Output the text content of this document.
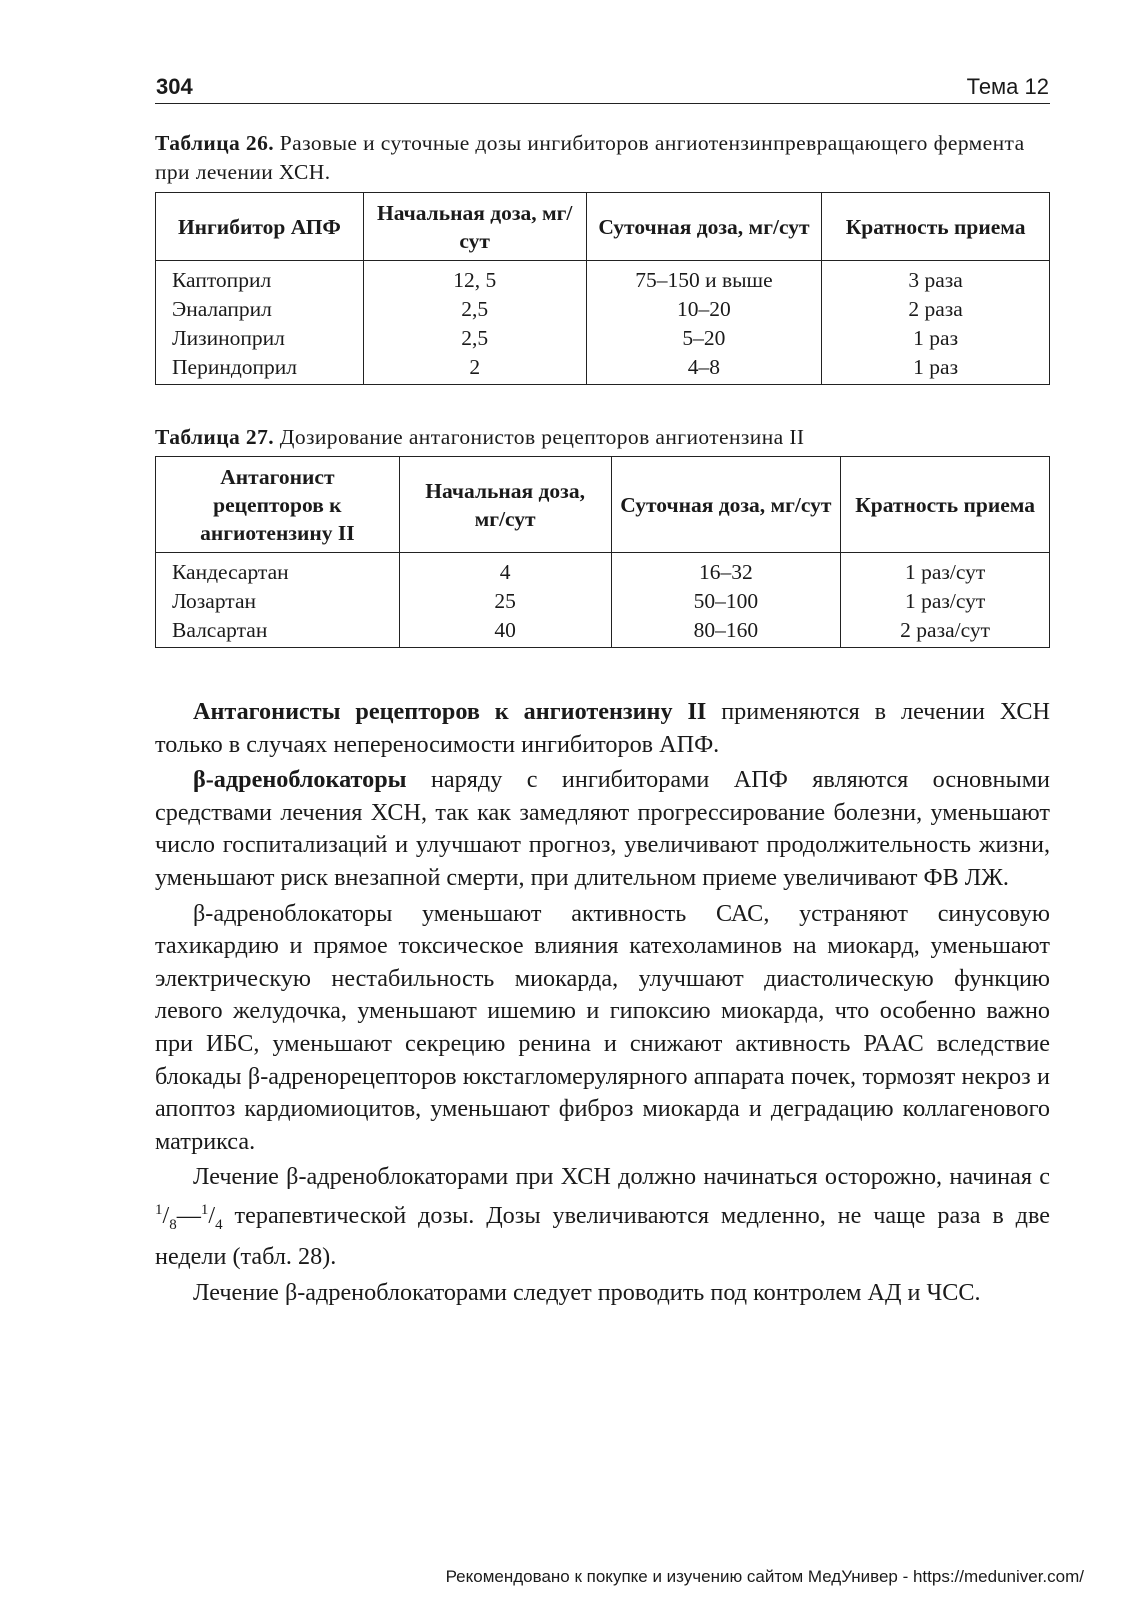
304	Тема 12
Таблица 26. Разовые и суточные дозы ингибиторов ангиотензинпревращающего фермента при лечении ХСН.
Ингибитор АПФ	Начальная доза, мг/сут	Суточная доза, мг/сут	Кратность приема
Каптоприл	12, 5	75–150 и выше	3 раза
Эналаприл	2,5	10–20	2 раза
Лизиноприл	2,5	5–20	1 раз
Периндоприл	2	4–8	1 раз
Таблица 27. Дозирование антагонистов рецепторов ангиотензина II
Антагонист рецепторов к ангиотензину II	Начальная доза, мг/сут	Суточная доза, мг/сут	Кратность приема
Кандесартан	4	16–32	1 раз/сут
Лозартан	25	50–100	1 раз/сут
Валсартан	40	80–160	2 раза/сут

Антагонисты рецепторов к ангиотензину II применяются в лечении ХСН только в случаях непереносимости ингибиторов АПФ.

β-адреноблокаторы наряду с ингибиторами АПФ являются основными средствами лечения ХСН, так как замедляют прогрессирование болезни, уменьшают число госпитализаций и улучшают прогноз, увеличивают продолжительность жизни, уменьшают риск внезапной смерти, при длительном приеме увеличивают ФВ ЛЖ.

β-адреноблокаторы уменьшают активность САС, устраняют синусовую тахикардию и прямое токсическое влияния катехоламинов на миокард, уменьшают электрическую нестабильность миокарда, улучшают диастолическую функцию левого желудочка, уменьшают ишемию и гипоксию миокарда, что особенно важно при ИБС, уменьшают секрецию ренина и снижают активность РААС вследствие блокады β-адренорецепторов юкстагломерулярного аппарата почек, тормозят некроз и апоптоз кардиомиоцитов, уменьшают фиброз миокарда и деградацию коллагенового матрикса.

Лечение β-адреноблокаторами при ХСН должно начинаться осторожно, начиная с $^1/_8—^1/_4$ терапевтической дозы. Дозы увеличиваются медленно, не чаще раза в две недели (табл. 28).

Лечение β-адреноблокаторами следует проводить под контролем АД и ЧСС.

Рекомендовано к покупке и изучению сайтом МедУнивер - https://meduniver.com/
